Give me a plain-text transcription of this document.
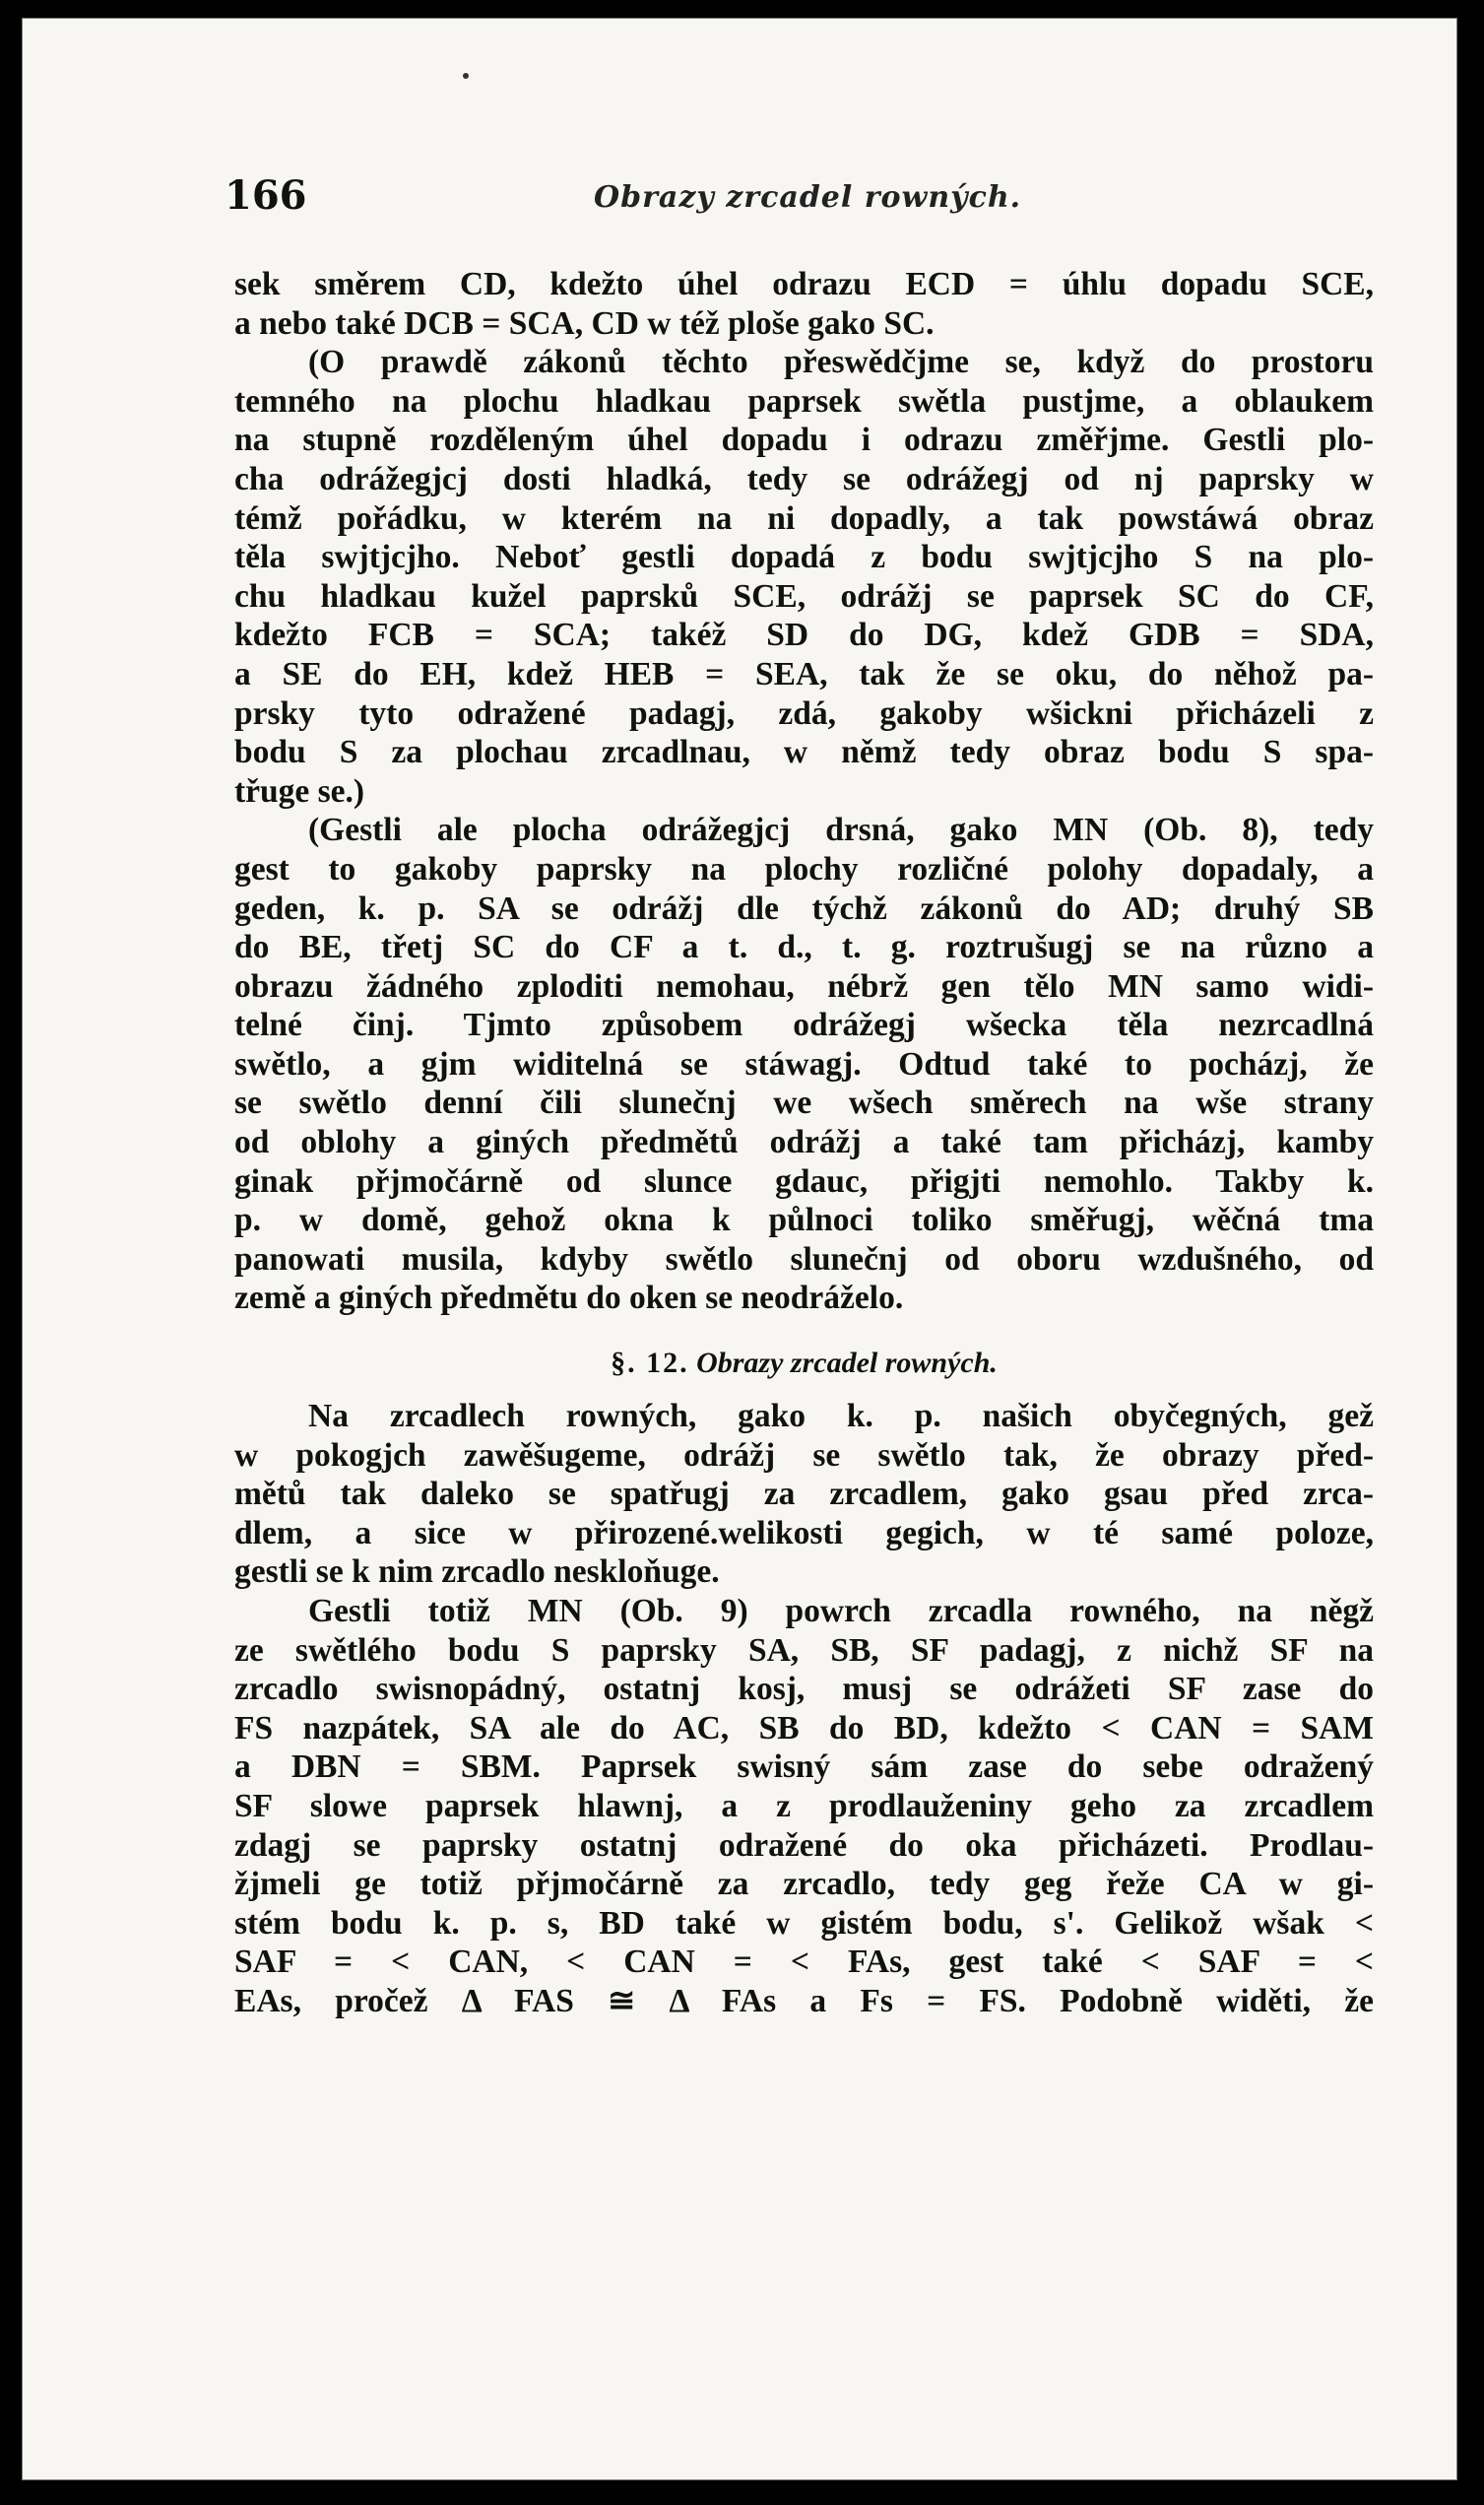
166	Obrazy zrcadel rowných.
sek směrem CD, kdežto úhel odrazu ECD = úhlu dopadu SCE,
a nebo také DCB = SCA, CD w též ploše gako SC.
(O prawdě zákonů těchto přeswědčjme se, když do prostoru
temného na plochu hladkau paprsek swětla pustjme, a oblaukem
na stupně rozděleným úhel dopadu i odrazu změřjme. Gestli plo-
cha odrážegjcj dosti hladká, tedy se odrážegj od nj paprsky w
témž pořádku, w kterém na ni dopadly, a tak powstáwá obraz
těla swjtjcjho. Neboť gestli dopadá z bodu swjtjcjho S na plo-
chu hladkau kužel paprsků SCE, odrážj se paprsek SC do CF,
kdežto FCB = SCA; takéž SD do DG, kdež GDB = SDA,
a SE do EH, kdež HEB = SEA, tak že se oku, do něhož pa-
prsky tyto odražené padagj, zdá, gakoby wšickni přicházeli z
bodu S za plochau zrcadlnau, w němž tedy obraz bodu S spa-
třuge se.)
(Gestli ale plocha odrážegjcj drsná, gako MN (Ob. 8), tedy
gest to gakoby paprsky na plochy rozličné polohy dopadaly, a
geden, k. p. SA se odrážj dle týchž zákonů do AD; druhý SB
do BE, třetj SC do CF a t. d., t. g. roztrušugj se na různo a
obrazu žádného zploditi nemohau, nébrž gen tělo MN samo widi-
telné činj. Tjmto způsobem odrážegj wšecka těla nezrcadlná
swětlo, a gjm widitelná se stáwagj. Odtud také to pocházj, že
se swětlo denní čili slunečnj we wšech směrech na wše strany
od oblohy a giných předmětů odrážj a také tam přicházj, kamby
ginak přjmočárně od slunce gdauc, přigjti nemohlo. Takby k.
p. w domě, gehož okna k půlnoci toliko směřugj, wěčná tma
panowati musila, kdyby swětlo slunečnj od oboru wzdušného, od
země a giných předmětu do oken se neodráželo.
§. 12. Obrazy zrcadel rowných.
Na zrcadlech rowných, gako k. p. našich obyčegných, gež
w pokogjch zawěšugeme, odrážj se swětlo tak, že obrazy před-
mětů tak daleko se spatřugj za zrcadlem, gako gsau před zrca-
dlem, a sice w přirozené.welikosti gegich, w té samé poloze,
gestli se k nim zrcadlo neskloňuge.
Gestli totiž MN (Ob. 9) powrch zrcadla rowného, na něgž
ze swětlého bodu S paprsky SA, SB, SF padagj, z nichž SF na
zrcadlo swisnopádný, ostatnj kosj, musj se odrážeti SF zase do
FS nazpátek, SA ale do AC, SB do BD, kdežto < CAN = SAM
a DBN = SBM. Paprsek swisný sám zase do sebe odražený
SF slowe paprsek hlawnj, a z prodlauženiny geho za zrcadlem
zdagj se paprsky ostatnj odražené do oka přicházeti. Prodlau-
žjmeli ge totiž přjmočárně za zrcadlo, tedy geg řeže CA w gi-
stém bodu k. p. s, BD také w gistém bodu, s'. Gelikož wšak <
SAF = < CAN, < CAN = < FAs, gest také < SAF = <
EAs, pročež Δ FAS ≅ Δ FAs a Fs = FS. Podobně widěti, že
